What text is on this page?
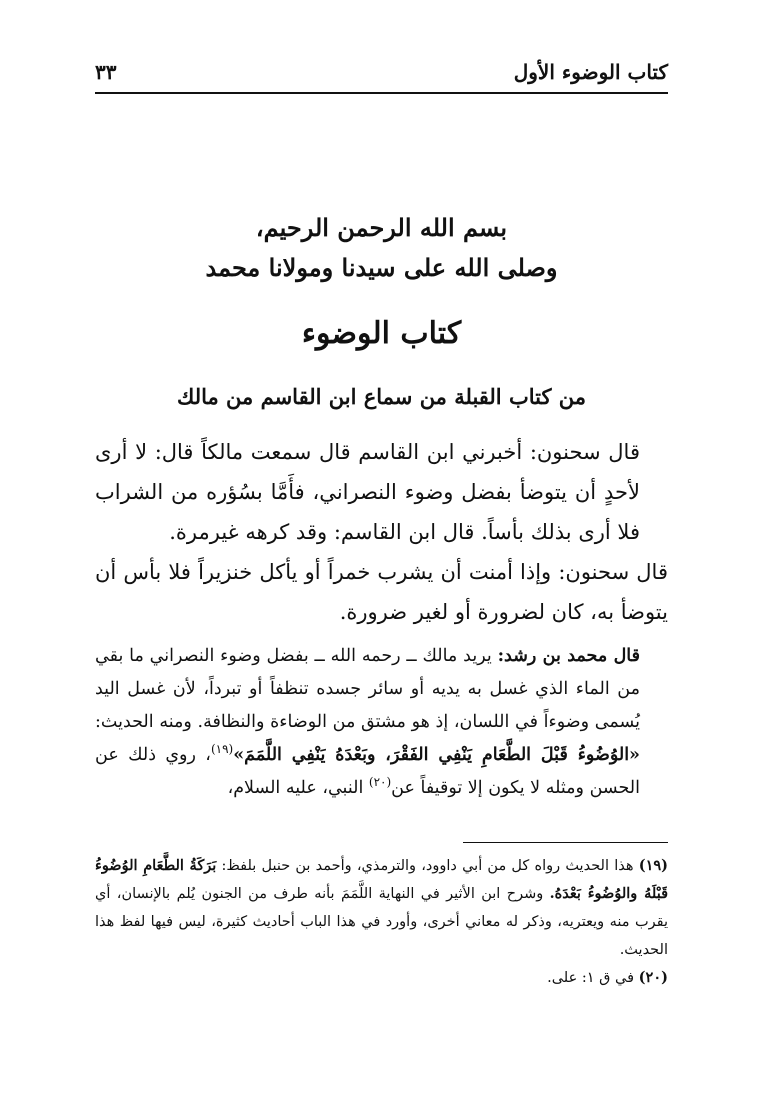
كتاب الوضوء الأول
٣٣
بسم الله الرحمن الرحيم،
وصلى الله على سيدنا ومولانا محمد
كتاب الوضوء
من كتاب القبلة من سماع ابن القاسم من مالك

قال سحنون: أخبرني ابن القاسم قال سمعت مالكاً قال: لا أرى لأحدٍ أن يتوضأ بفضل وضوء النصراني، فأَمَّا بسُؤره من الشراب فلا أرى بذلك بأساً. قال ابن القاسم: وقد كرهه غيرمرة.

قال سحنون: وإذا أمنت أن يشرب خمراً أو يأكل خنزيراً فلا بأس أن يتوضأ به، كان لضرورة أو لغير ضرورة.

قال محمد بن رشد: يريد مالك ــ رحمه الله ــ بفضل وضوء النصراني ما بقي من الماء الذي غسل به يديه أو سائر جسده تنظفاً أو تبرداً، لأن غسل اليد يُسمى وضوءاً في اللسان، إذ هو مشتق من الوضاءة والنظافة. ومنه الحديث: «الوُضُوءُ قَبْلَ الطَّعَامِ يَنْفِي الفَقْرَ، وبَعْدَهُ يَنْفِي اللَّمَمَ»$^{(١٩)}$، روي ذلك عن الحسن ومثله لا يكون إلا توقيفاً عن$^{(٢٠)}$ النبي، عليه السلام،

(١٩) هذا الحديث رواه كل من أبي داوود، والترمذي، وأحمد بن حنبل بلفظ: بَرَكَةُ الطَّعَامِ الوُضُوءُ قَبْلَهُ والوُضُوءُ بَعْدَهُ. وشرح ابن الأثير في النهاية اللَّمَمَ بأنه طرف من الجنون يُلم بالإنسان، أي يقرب منه ويعتريه، وذكر له معاني أخرى، وأورد في هذا الباب أحاديث كثيرة، ليس فيها لفظ هذا الحديث.

(٢٠) في ق ١: على.
